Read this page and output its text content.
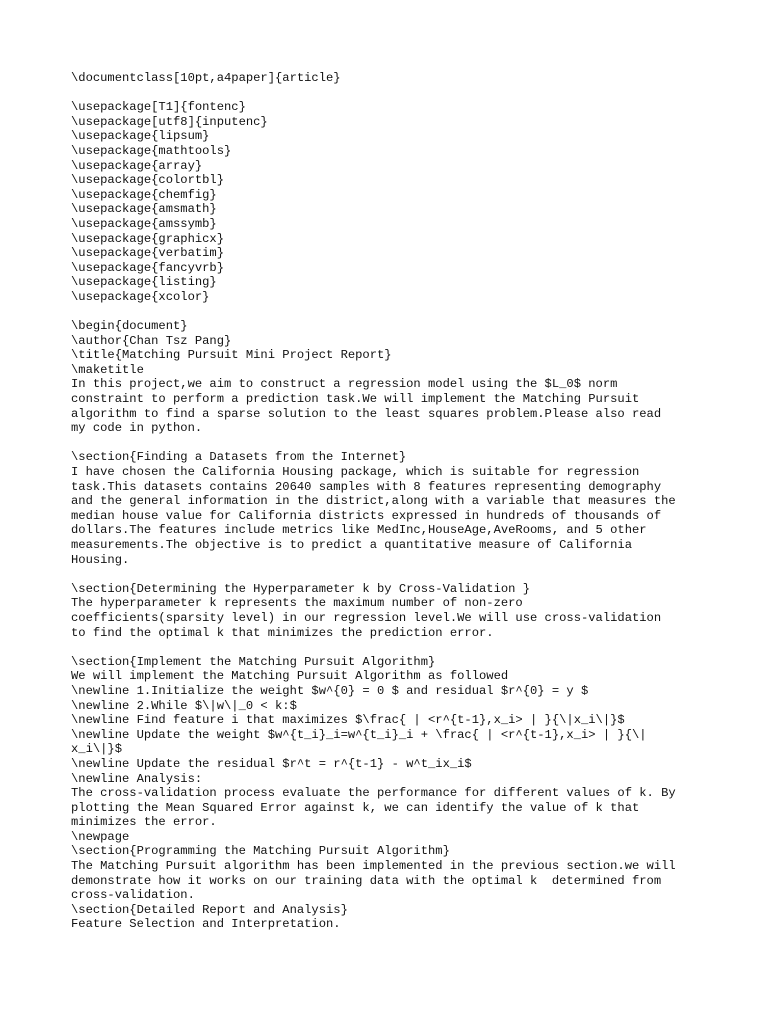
\documentclass[10pt,a4paper]{article}
\usepackage[T1]{fontenc}
\usepackage[utf8]{inputenc}
\usepackage{lipsum}
\usepackage{mathtools}
\usepackage{array}
\usepackage{colortbl}
\usepackage{chemfig}
\usepackage{amsmath}
\usepackage{amssymb}
\usepackage{graphicx}
\usepackage{verbatim}
\usepackage{fancyvrb}
\usepackage{listing}
\usepackage{xcolor}
\begin{document}
\author{Chan Tsz Pang}
\title{Matching Pursuit Mini Project Report}
\maketitle
In this project,we aim to construct a regression model using the $L_0$ norm
constraint to perform a prediction task.We will implement the Matching Pursuit
algorithm to find a sparse solution to the least squares problem.Please also read
my code in python.
\section{Finding a Datasets from the Internet}
I have chosen the California Housing package, which is suitable for regression
task.This datasets contains 20640 samples with 8 features representing demography
and the general information in the district,along with a variable that measures the
median house value for California districts expressed in hundreds of thousands of
dollars.The features include metrics like MedInc,HouseAge,AveRooms, and 5 other
measurements.The objective is to predict a quantitative measure of California
Housing.
\section{Determining the Hyperparameter k by Cross-Validation }
The hyperparameter k represents the maximum number of non-zero
coefficients(sparsity level) in our regression level.We will use cross-validation
to find the optimal k that minimizes the prediction error.
\section{Implement the Matching Pursuit Algorithm}
We will implement the Matching Pursuit Algorithm as followed
\newline 1.Initialize the weight $w^{0} = 0 $ and residual $r^{0} = y $
\newline 2.While $\|w\|_0 < k:$
\newline Find feature i that maximizes $\frac{ | <r^{t-1},x_i> | }{\|x_i\|}$
\newline Update the weight $w^{t_i}_i=w^{t_i}_i + \frac{ | <r^{t-1},x_i> | }{\|
x_i\|}$
\newline Update the residual $r^t = r^{t-1} - w^t_ix_i$
\newline Analysis:
The cross-validation process evaluate the performance for different values of k. By
plotting the Mean Squared Error against k, we can identify the value of k that
minimizes the error.
\newpage
\section{Programming the Matching Pursuit Algorithm}
The Matching Pursuit algorithm has been implemented in the previous section.we will
demonstrate how it works on our training data with the optimal k  determined from
cross-validation.
\section{Detailed Report and Analysis}
Feature Selection and Interpretation.
